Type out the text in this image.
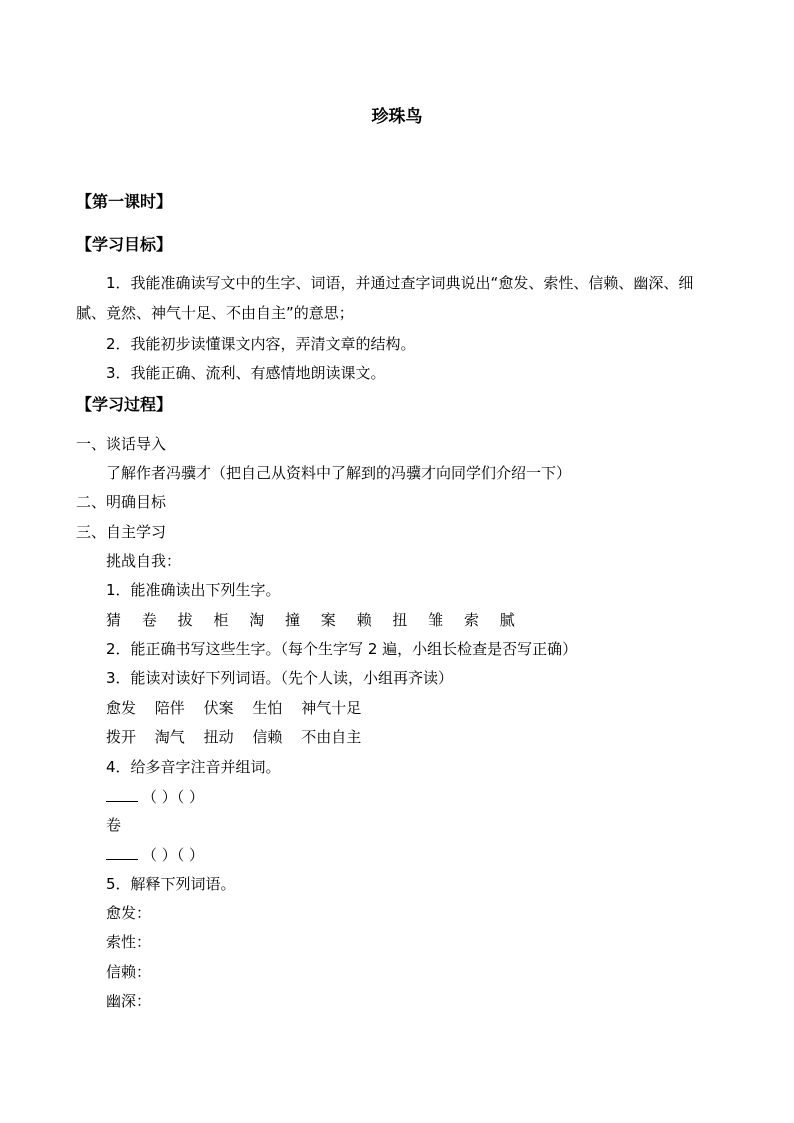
珍珠鸟
【第一课时】
【学习目标】
1．我能准确读写文中的生字、词语，并通过查字词典说出“愈发、索性、信赖、幽深、细腻、竟然、神气十足、不由自主”的意思；
2．我能初步读懂课文内容，弄清文章的结构。
3．我能正确、流利、有感情地朗读课文。
【学习过程】
一、谈话导入
了解作者冯骥才（把自己从资料中了解到的冯骥才向同学们介绍一下）
二、明确目标
三、自主学习
挑战自我：
1．能准确读出下列生字。
猜 卷 拔 柜 淘 撞 案 赖 扭 雏 索 腻
2．能正确书写这些生字。（每个生字写 2 遍，小组长检查是否写正确）
3．能读对读好下列词语。（先个人读，小组再齐读）
愈发 陪伴 伏案 生怕 神气十足
拨开 淘气 扭动 信赖 不由自主
4．给多音字注音并组词。
（ ）（ ）
卷
（ ）（ ）
5．解释下列词语。
愈发：
索性：
信赖：
幽深：
